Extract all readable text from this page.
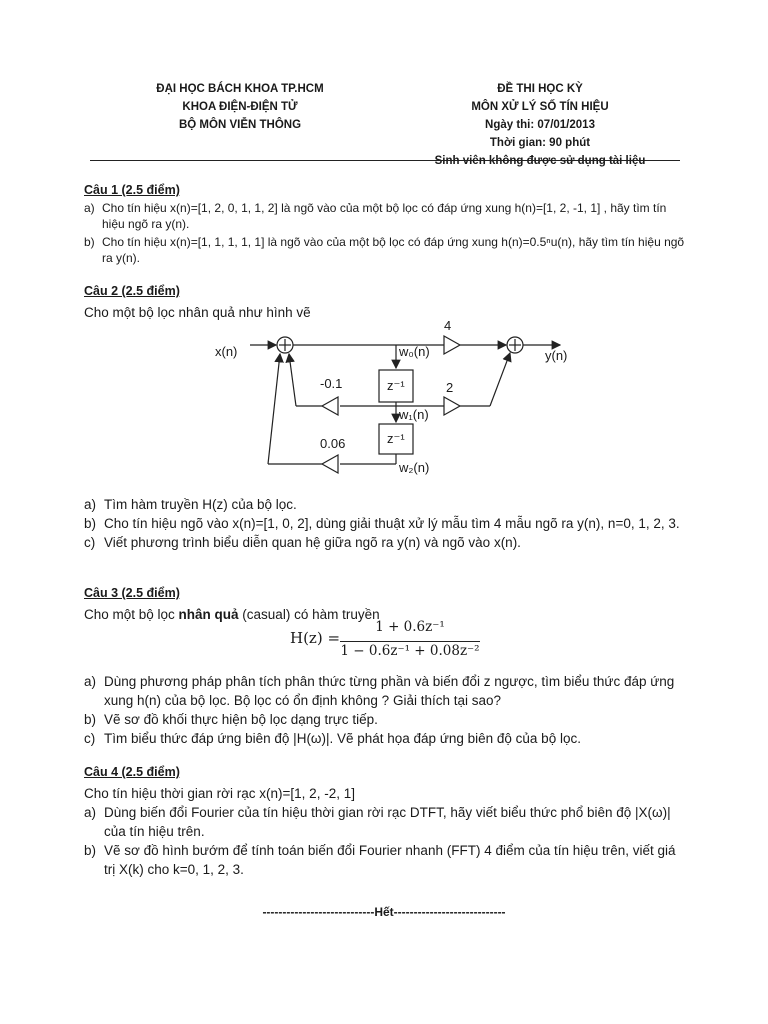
ĐẠI HỌC BÁCH KHOA TP.HCM
KHOA ĐIỆN-ĐIỆN TỬ
BỘ MÔN VIỄN THÔNG
ĐỀ THI HỌC KỲ
MÔN XỬ LÝ SỐ TÍN HIỆU
Ngày thi: 07/01/2013
Thời gian: 90 phút
Sinh viên không được sử dụng tài liệu
Câu 1 (2.5 điểm)
a) Cho tín hiệu x(n)=[1, 2, 0, 1, 1, 2] là ngõ vào của một bộ lọc có đáp ứng xung h(n)=[1, 2, -1, 1] , hãy tìm tín hiệu ngõ ra y(n).
b) Cho tín hiệu x(n)=[1, 1, 1, 1, 1] là ngõ vào của một bộ lọc có đáp ứng xung h(n)=0.5ⁿu(n), hãy tìm tín hiệu ngõ ra y(n).
Câu 2 (2.5 điểm)
Cho một bộ lọc nhân quả như hình vẽ
x(n)	y(n)
w₀(n)
w₁(n)
w₂(n)
z⁻¹
z⁻¹
4
2
-0.1
0.06
a) Tìm hàm truyền H(z) của bộ lọc.
b) Cho tín hiệu ngõ vào x(n)=[1, 0, 2], dùng giải thuật xử lý mẫu tìm 4 mẫu ngõ ra y(n), n=0, 1, 2, 3.
c) Viết phương trình biểu diễn quan hệ giữa ngõ ra y(n) và ngõ vào x(n).
Câu 3 (2.5 điểm)
Cho một bộ lọc nhân quả (casual) có hàm truyền
H(z) =
1 + 0.6z⁻¹
1 − 0.6z⁻¹ + 0.08z⁻²
a) Dùng phương pháp phân tích phân thức từng phần và biến đổi z ngược, tìm biểu thức đáp ứng xung h(n) của bộ lọc. Bộ lọc có ổn định không ? Giải thích tại sao?
b) Vẽ sơ đồ khối thực hiện bộ lọc dạng trực tiếp.
c) Tìm biểu thức đáp ứng biên độ |H(ω)|. Vẽ phát họa đáp ứng biên độ của bộ lọc.
Câu 4 (2.5 điểm)
Cho tín hiệu thời gian rời rạc x(n)=[1, 2, -2, 1]
a) Dùng biến đổi Fourier của tín hiệu thời gian rời rạc DTFT, hãy viết biểu thức phổ biên độ |X(ω)| của tín hiệu trên.
b) Vẽ sơ đồ hình bướm để tính toán biến đổi Fourier nhanh (FFT) 4 điểm của tín hiệu trên, viết giá trị X(k) cho k=0, 1, 2, 3.
----------------------------Hết----------------------------
